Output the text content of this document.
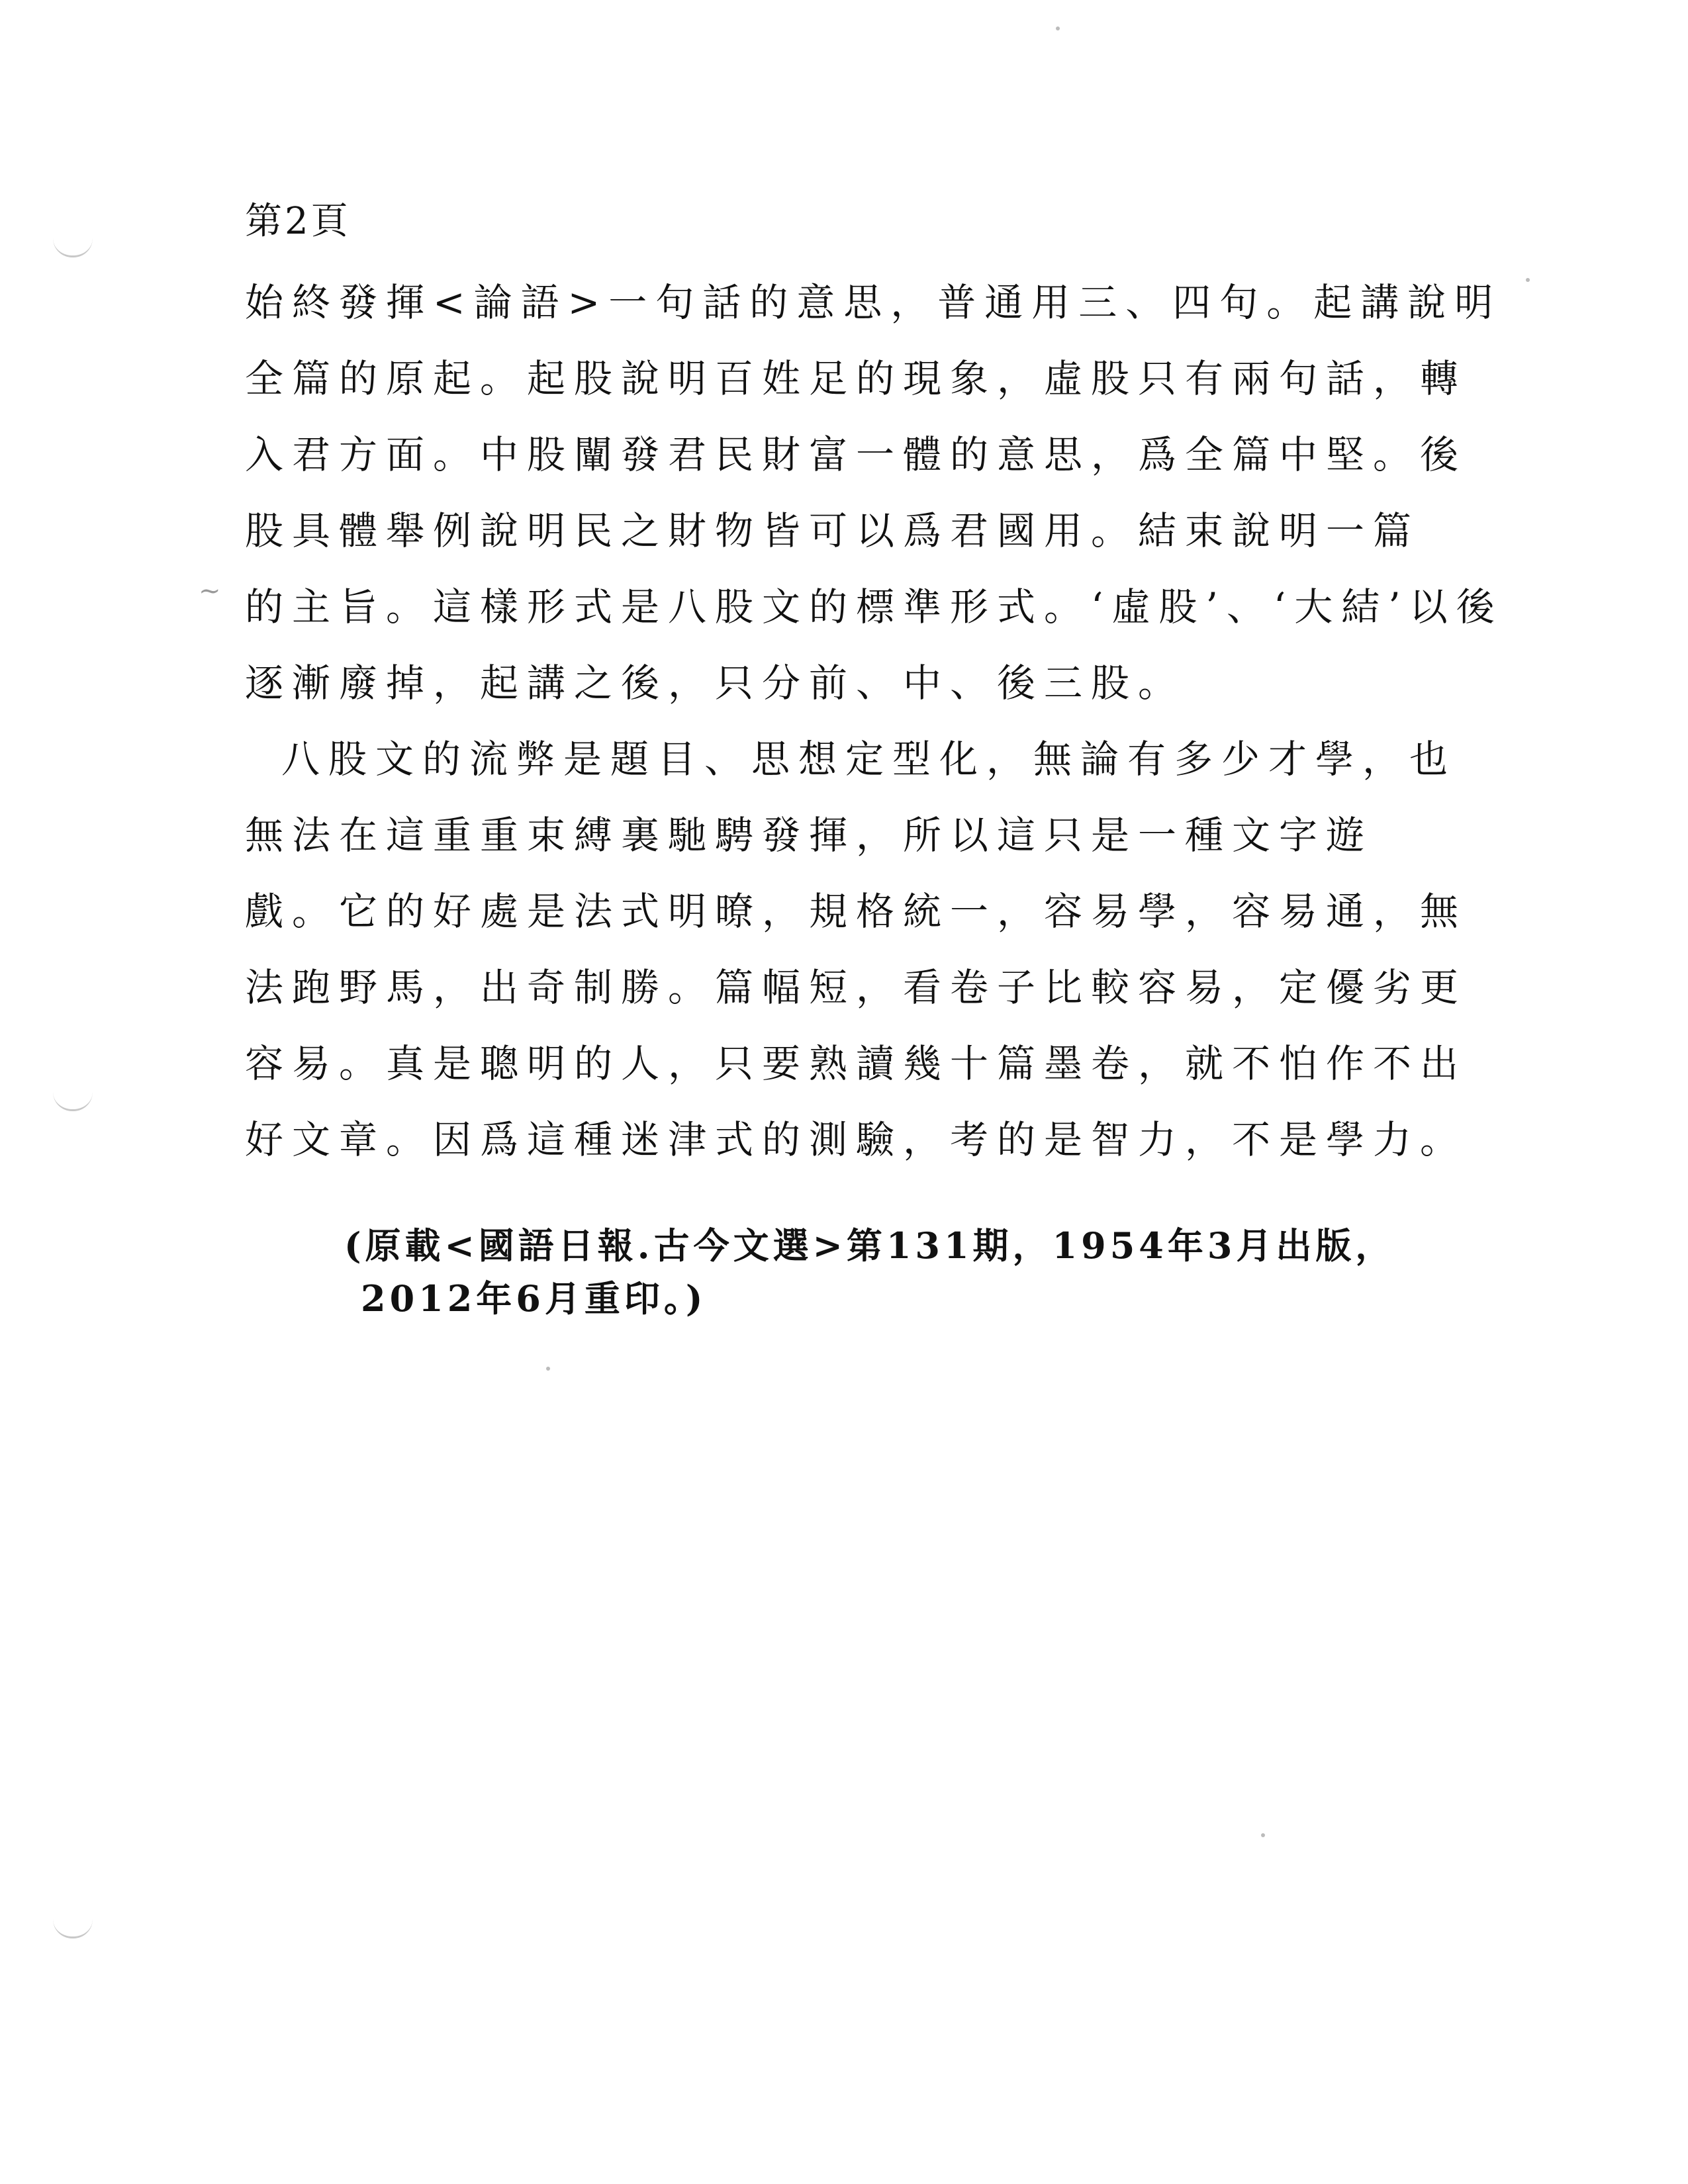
~
第2頁
始終發揮<論語>一句話的意思，普通用三、四句。起講說明
全篇的原起。起股說明百姓足的現象，虛股只有兩句話，轉
入君方面。中股闡發君民財富一體的意思，爲全篇中堅。後
股具體舉例說明民之財物皆可以爲君國用。結束說明一篇
的主旨。這樣形式是八股文的標準形式。‘虛股’、‘大結’以後
逐漸廢掉，起講之後，只分前、中、後三股。
八股文的流弊是題目、思想定型化，無論有多少才學，也
無法在這重重束縛裏馳騁發揮，所以這只是一種文字遊
戲。它的好處是法式明暸，規格統一，容易學，容易通，無
法跑野馬，出奇制勝。篇幅短，看卷子比較容易，定優劣更
容易。真是聰明的人，只要熟讀幾十篇墨卷，就不怕作不出
好文章。因爲這種迷津式的測驗，考的是智力，不是學力。
(原載<國語日報.古今文選>第131期，1954年3月出版，
2012年6月重印。)
